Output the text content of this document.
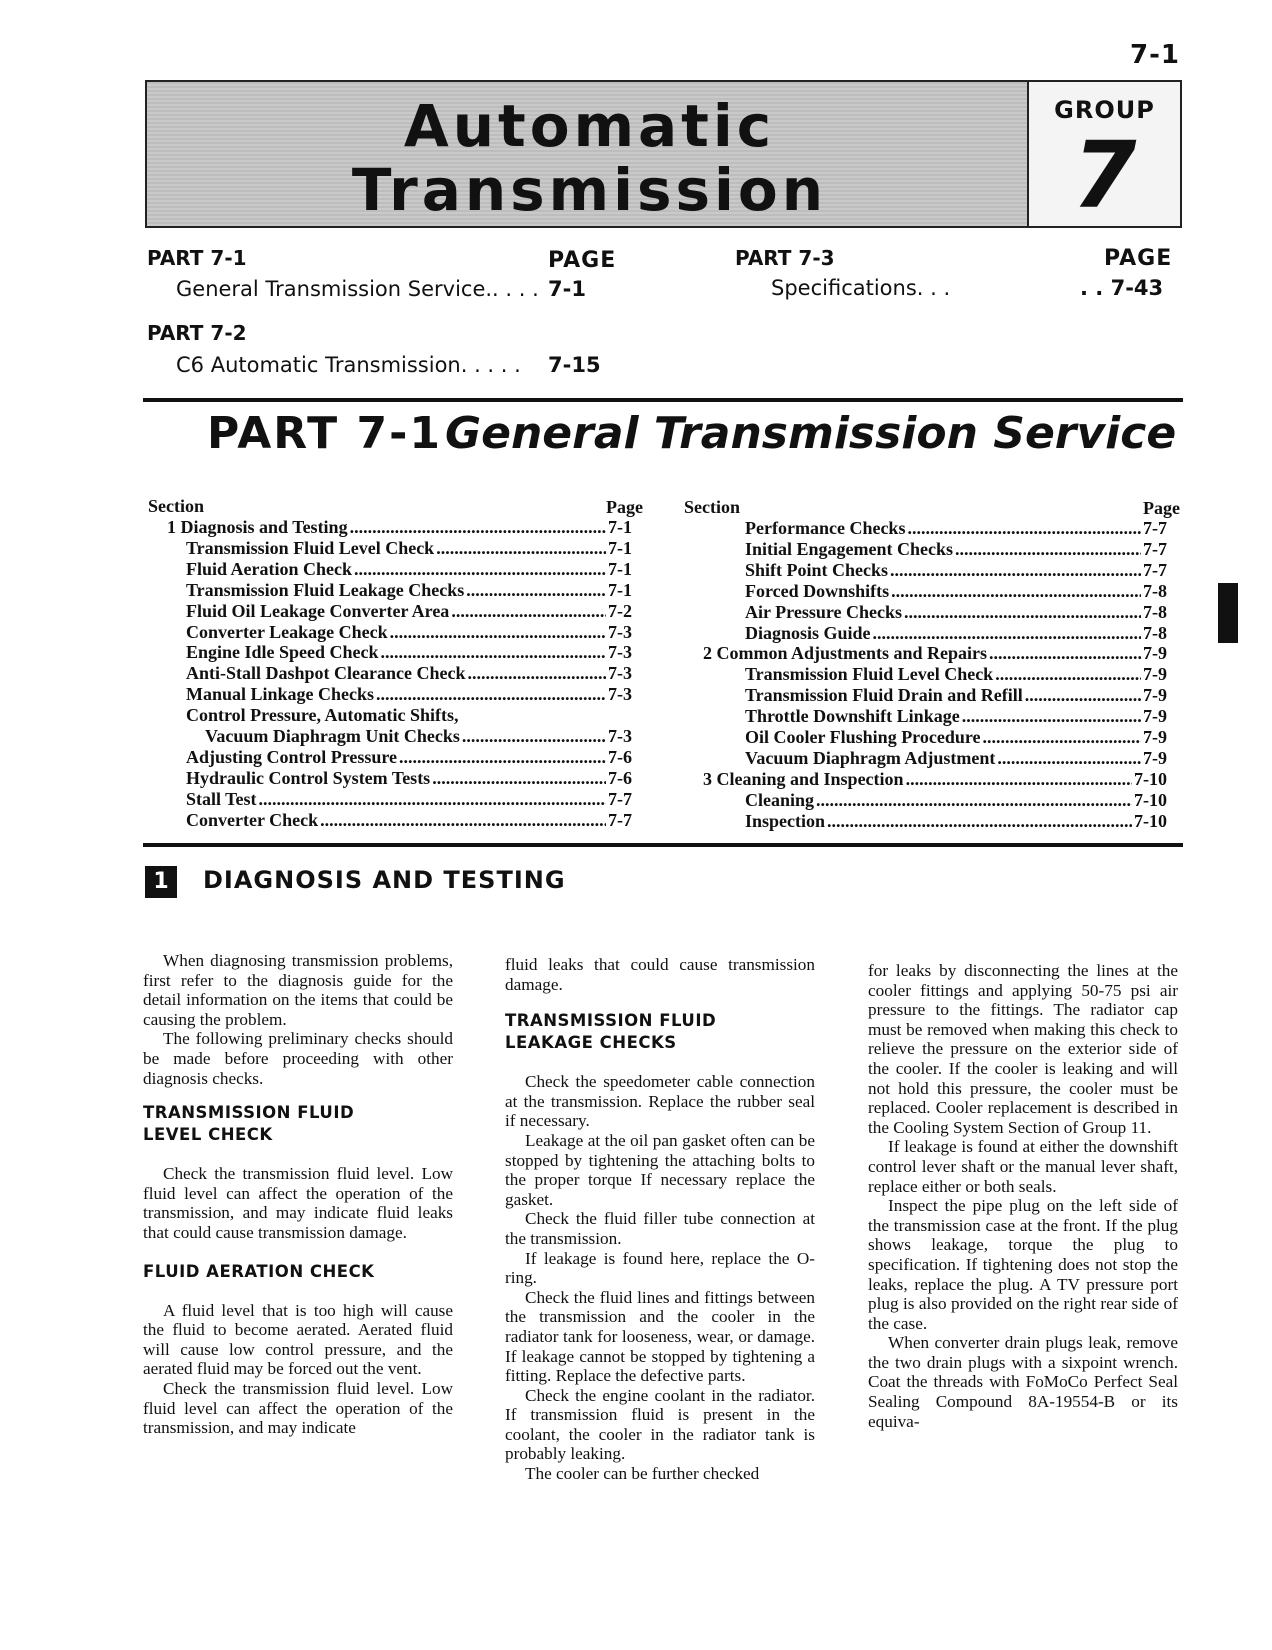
7-1
Automatic
Transmission
GROUP
7
PART 7-1	PAGE
General Transmission Service.. . . . 7-1
PART 7-2
C6 Automatic Transmission. . . . . 7-15
PART 7-3	PAGE
Specifications. . .	. . 7-43
PART 7-1 General Transmission Service
Section	Page Section	Page
1 Diagnosis and Testing .....	7-1
Transmission Fluid Level Check .....	7-1
Fluid Aeration Check .....	7-1
Transmission Fluid Leakage Checks .....	7-1
Fluid Oil Leakage Converter Area .....	7-2
Converter Leakage Check .....	7-3
Engine Idle Speed Check .....	7-3
Anti-Stall Dashpot Clearance Check .....	7-3
Manual Linkage Checks .....	7-3
Control Pressure, Automatic Shifts,
Vacuum Diaphragm Unit Checks .....	7-3
Adjusting Control Pressure .....	7-6
Hydraulic Control System Tests .....	7-6
Stall Test .....	7-7
Converter Check .....	7-7
Performance Checks .....	7-7
Initial Engagement Checks .....	7-7
Shift Point Checks .....	7-7
Forced Downshifts .....	7-8
Air Pressure Checks .....	7-8
Diagnosis Guide .....	7-8
2 Common Adjustments and Repairs .....	7-9
Transmission Fluid Level Check .....	7-9
Transmission Fluid Drain and Refill .....	7-9
Throttle Downshift Linkage .....	7-9
Oil Cooler Flushing Procedure .....	7-9
Vacuum Diaphragm Adjustment .....	7-9
3 Cleaning and Inspection .....	7-10
Cleaning .....	7-10
Inspection .....	7-10
1	DIAGNOSIS AND TESTING

When diagnosing transmission problems, first refer to the diagnosis guide for the detail information on the items that could be causing the problem.

The following preliminary checks should be made before proceeding with other diagnosis checks.

TRANSMISSION FLUID LEVEL CHECK

Check the transmission fluid level. Low fluid level can affect the operation of the transmission, and may indicate fluid leaks that could cause transmission damage.

FLUID AERATION CHECK

A fluid level that is too high will cause the fluid to become aerated. Aerated fluid will cause low control pressure, and the aerated fluid may be forced out the vent.

Check the transmission fluid level. Low fluid level can affect the operation of the transmission, and may indicate

fluid leaks that could cause transmission damage.

TRANSMISSION FLUID LEAKAGE CHECKS

Check the speedometer cable connection at the transmission. Replace the rubber seal if necessary.

Leakage at the oil pan gasket often can be stopped by tightening the attaching bolts to the proper torque If necessary replace the gasket.

Check the fluid filler tube connection at the transmission.

If leakage is found here, replace the O-ring.

Check the fluid lines and fittings between the transmission and the cooler in the radiator tank for looseness, wear, or damage. If leakage cannot be stopped by tightening a fitting. Replace the defective parts.

Check the engine coolant in the radiator. If transmission fluid is present in the coolant, the cooler in the radiator tank is probably leaking.

The cooler can be further checked

for leaks by disconnecting the lines at the cooler fittings and applying 50-75 psi air pressure to the fittings. The radiator cap must be removed when making this check to relieve the pressure on the exterior side of the cooler. If the cooler is leaking and will not hold this pressure, the cooler must be replaced. Cooler replacement is described in the Cooling System Section of Group 11.

If leakage is found at either the downshift control lever shaft or the manual lever shaft, replace either or both seals.

Inspect the pipe plug on the left side of the transmission case at the front. If the plug shows leakage, torque the plug to specification. If tightening does not stop the leaks, replace the plug. A TV pressure port plug is also provided on the right rear side of the case.

When converter drain plugs leak, remove the two drain plugs with a sixpoint wrench. Coat the threads with FoMoCo Perfect Seal Sealing Compound 8A-19554-B or its equiva-
